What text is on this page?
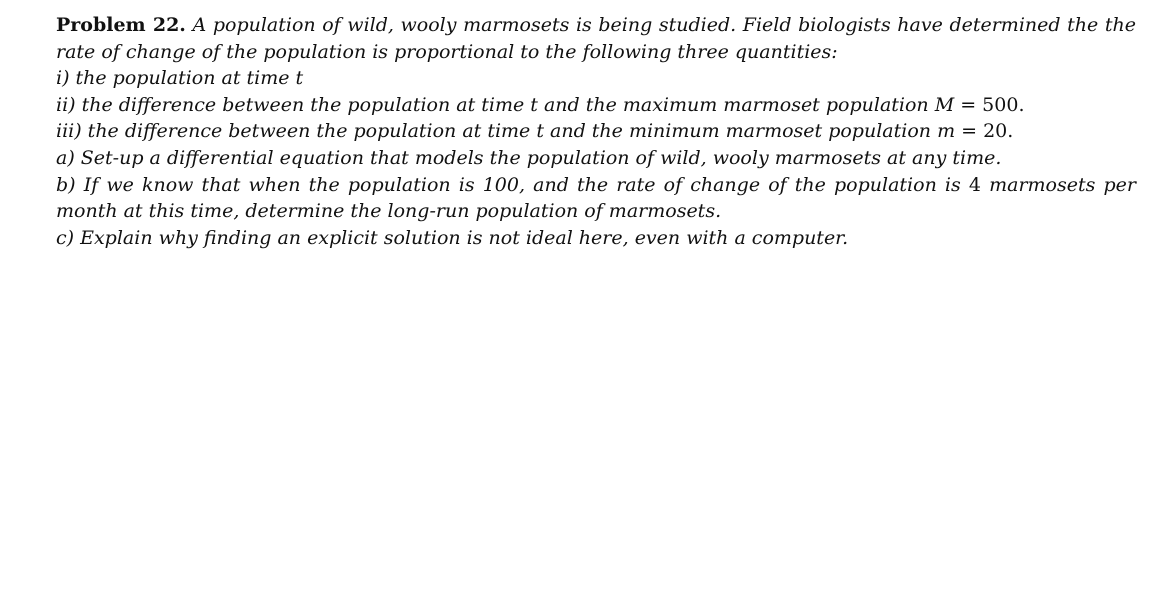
Problem 22. A population of wild, wooly marmosets is being studied. Field biologists have determined the the

rate of change of the population is proportional to the following three quantities:

i) the population at time t

ii) the difference between the population at time t and the maximum marmoset population M = 500.

iii) the difference between the population at time t and the minimum marmoset population m = 20.

a) Set-up a differential equation that models the population of wild, wooly marmosets at any time.

b) If we know that when the population is 100, and the rate of change of the population is 4 marmosets per

month at this time, determine the long-run population of marmosets.

c) Explain why finding an explicit solution is not ideal here, even with a computer.
